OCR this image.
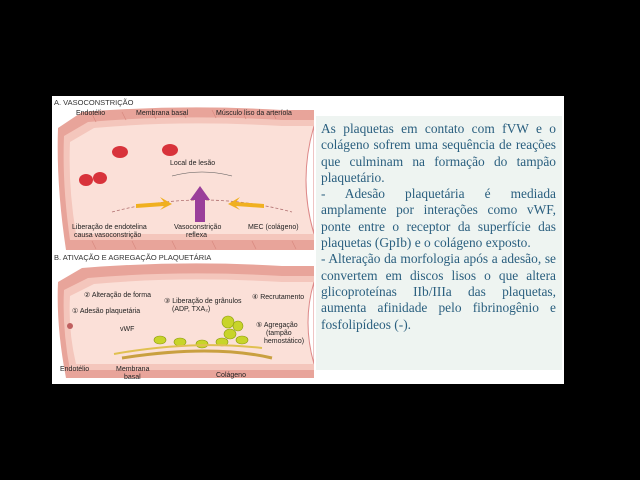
A. VASOCONSTRIÇÃO
Endotélio	Membrana basal	Músculo liso da arteríola
Local de lesão
Liberação de endotelina
causa vasoconstrição
Vasoconstrição
reflexa
MEC (colágeno)
B. ATIVAÇÃO E AGREGAÇÃO PLAQUETÁRIA
② Alteração de forma
③ Liberação de grânulos
(ADP, TXA₂)
④ Recrutamento
① Adesão plaquetária
vWF
⑤ Agregação
(tampão
hemostático)
Endotélio	Membrana
basal	Colágeno

As plaquetas em contato com fVW e o colágeno sofrem uma sequência de reações que culminam na formação do tampão plaquetário.
- Adesão plaquetária é mediada amplamente por interações como vWF, ponte entre o receptor da superfície das plaquetas (GpIb) e o colágeno exposto.
- Alteração da morfologia após a adesão, se convertem em discos lisos o que altera glicoproteínas IIb/IIIa das plaquetas, aumenta afinidade pelo fibrinogênio e fosfolipídeos (-).
